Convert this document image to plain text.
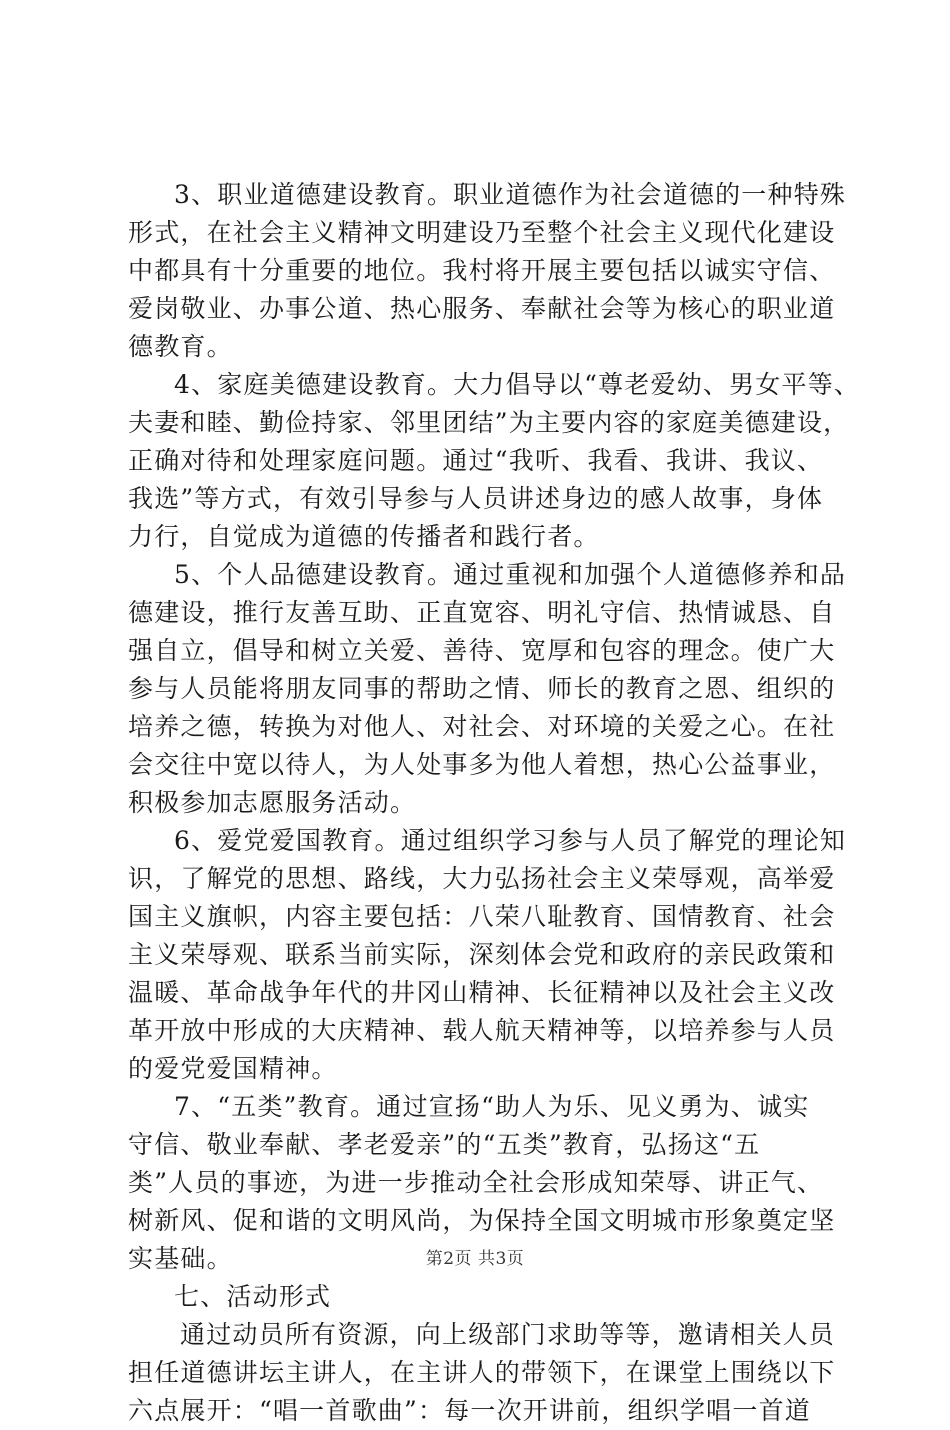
3、职业道德建设教育。职业道德作为社会道德的一种特殊
形式，在社会主义精神文明建设乃至整个社会主义现代化建设
中都具有十分重要的地位。我村将开展主要包括以诚实守信、
爱岗敬业、办事公道、热心服务、奉献社会等为核心的职业道
德教育。
4、家庭美德建设教育。大力倡导以“尊老爱幼、男女平等、
夫妻和睦、勤俭持家、邻里团结”为主要内容的家庭美德建设，
正确对待和处理家庭问题。通过“我听、我看、我讲、我议、
我选”等方式，有效引导参与人员讲述身边的感人故事，身体
力行，自觉成为道德的传播者和践行者。
5、个人品德建设教育。通过重视和加强个人道德修养和品
德建设，推行友善互助、正直宽容、明礼守信、热情诚恳、自
强自立，倡导和树立关爱、善待、宽厚和包容的理念。使广大
参与人员能将朋友同事的帮助之情、师长的教育之恩、组织的
培养之德，转换为对他人、对社会、对环境的关爱之心。在社
会交往中宽以待人，为人处事多为他人着想，热心公益事业，
积极参加志愿服务活动。
6、爱党爱国教育。通过组织学习参与人员了解党的理论知
识，了解党的思想、路线，大力弘扬社会主义荣辱观，高举爱
国主义旗帜，内容主要包括：八荣八耻教育、国情教育、社会
主义荣辱观、联系当前实际，深刻体会党和政府的亲民政策和
温暖、革命战争年代的井冈山精神、长征精神以及社会主义改
革开放中形成的大庆精神、载人航天精神等，以培养参与人员
的爱党爱国精神。
7、“五类”教育。通过宣扬“助人为乐、见义勇为、诚实
守信、敬业奉献、孝老爱亲”的“五类”教育，弘扬这“五
类”人员的事迹，为进一步推动全社会形成知荣辱、讲正气、
树新风、促和谐的文明风尚，为保持全国文明城市形象奠定坚
实基础。
七、活动形式
通过动员所有资源，向上级部门求助等等，邀请相关人员
担任道德讲坛主讲人，在主讲人的带领下，在课堂上围绕以下
六点展开：“唱一首歌曲”：每一次开讲前，组织学唱一首道
第2页 共3页
